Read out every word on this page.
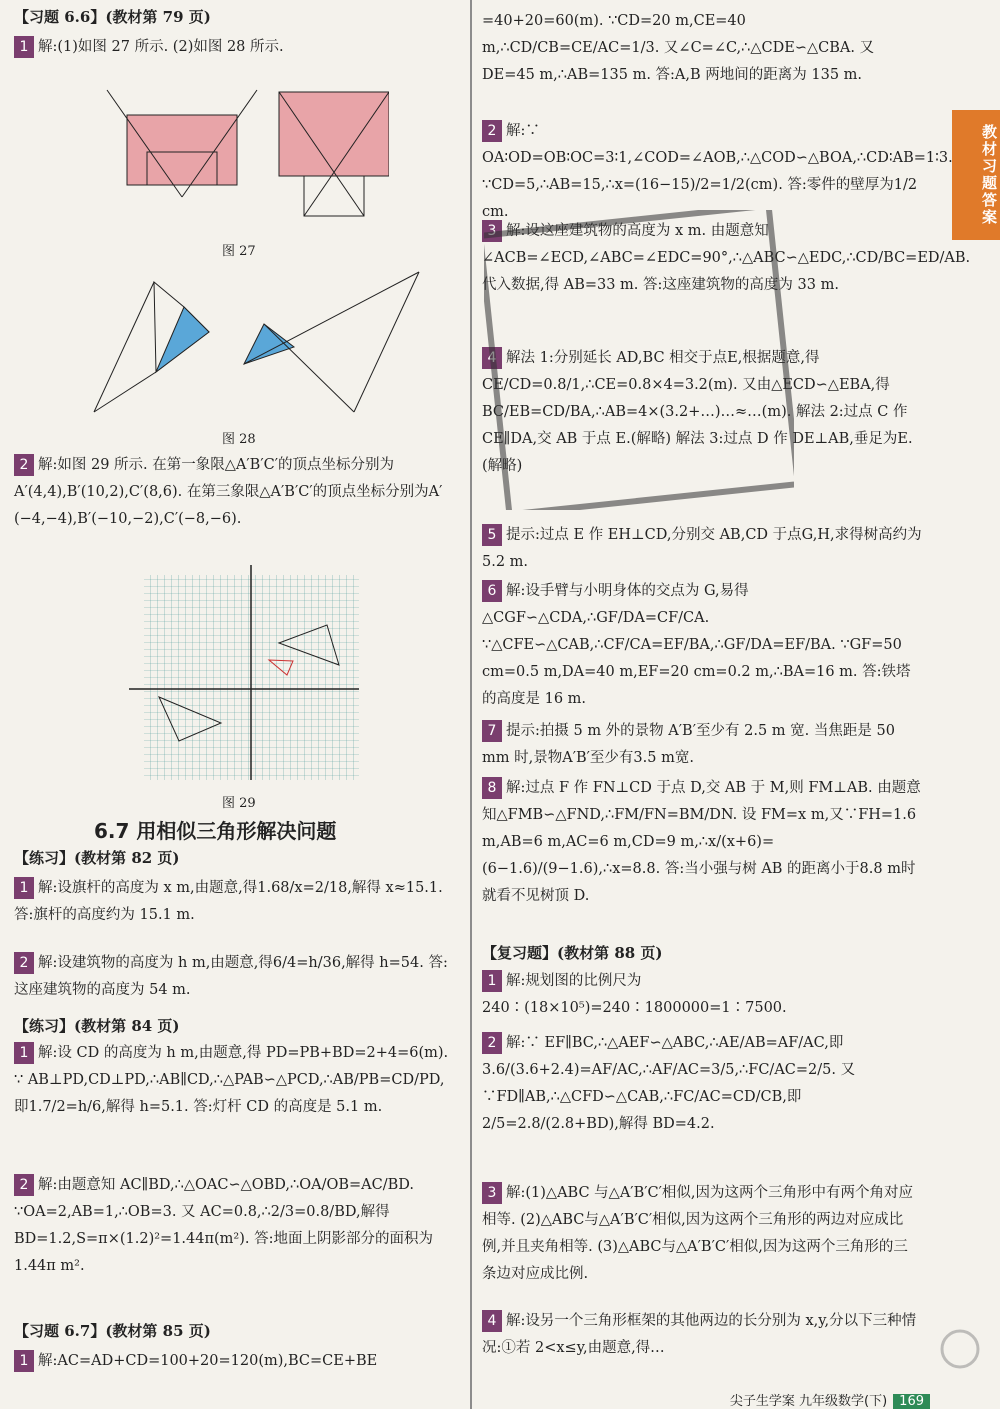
教材习题答案
【习题 6.6】(教材第 79 页)
1 解:(1)如图 27 所示. (2)如图 28 所示.
图 27
图 28
2 解:如图 29 所示. 在第一象限△A′B′C′的顶点坐标分别为A′(4,4),B′(10,2),C′(8,6). 在第三象限△A′B′C′的顶点坐标分别为A′(−4,−4),B′(−10,−2),C′(−8,−6).
图 29
6.7 用相似三角形解决问题
【练习】(教材第 82 页)
1 解:设旗杆的高度为 x m,由题意,得1.68/x=2/18,解得 x≈15.1. 答:旗杆的高度约为 15.1 m.
2 解:设建筑物的高度为 h m,由题意,得6/4=h/36,解得 h=54. 答:这座建筑物的高度为 54 m.
【练习】(教材第 84 页)
1 解:设 CD 的高度为 h m,由题意,得 PD=PB+BD=2+4=6(m). ∵ AB⊥PD,CD⊥PD,∴AB∥CD,∴△PAB∽△PCD,∴AB/PB=CD/PD,即1.7/2=h/6,解得 h=5.1. 答:灯杆 CD 的高度是 5.1 m.
2 解:由题意知 AC∥BD,∴△OAC∽△OBD,∴OA/OB=AC/BD. ∵OA=2,AB=1,∴OB=3. 又 AC=0.8,∴2/3=0.8/BD,解得 BD=1.2,S=π×(1.2)²=1.44π(m²). 答:地面上阴影部分的面积为 1.44π m².
【习题 6.7】(教材第 85 页)
1 解:AC=AD+CD=100+20=120(m),BC=CE+BE
=40+20=60(m). ∵CD=20 m,CE=40 m,∴CD/CB=CE/AC=1/3. 又∠C=∠C,∴△CDE∽△CBA. 又 DE=45 m,∴AB=135 m. 答:A,B 两地间的距离为 135 m.
2 解:∵ OA∶OD=OB∶OC=3∶1,∠COD=∠AOB,∴△COD∽△BOA,∴CD∶AB=1∶3. ∵CD=5,∴AB=15,∴x=(16−15)/2=1/2(cm). 答:零件的壁厚为1/2 cm.
3 解:设这座建筑物的高度为 x m. 由题意知∠ACB=∠ECD,∠ABC=∠EDC=90°,∴△ABC∽△EDC,∴CD/BC=ED/AB. 代入数据,得 AB=33 m. 答:这座建筑物的高度为 33 m.
4 解法 1:分别延长 AD,BC 相交于点E,根据题意,得CE/CD=0.8/1,∴CE=0.8×4=3.2(m). 又由△ECD∽△EBA,得BC/EB=CD/BA,∴AB=4×(3.2+…)…≈…(m). 解法 2:过点 C 作 CE∥DA,交 AB 于点 E.(解略) 解法 3:过点 D 作 DE⊥AB,垂足为E.(解略)
5 提示:过点 E 作 EH⊥CD,分别交 AB,CD 于点G,H,求得树高约为 5.2 m.
6 解:设手臂与小明身体的交点为 G,易得△CGF∽△CDA,∴GF/DA=CF/CA. ∵△CFE∽△CAB,∴CF/CA=EF/BA,∴GF/DA=EF/BA. ∵GF=50 cm=0.5 m,DA=40 m,EF=20 cm=0.2 m,∴BA=16 m. 答:铁塔的高度是 16 m.
7 提示:拍摄 5 m 外的景物 A′B′至少有 2.5 m 宽. 当焦距是 50 mm 时,景物A′B′至少有3.5 m宽.
8 解:过点 F 作 FN⊥CD 于点 D,交 AB 于 M,则 FM⊥AB. 由题意知△FMB∽△FND,∴FM/FN=BM/DN. 设 FM=x m,又∵FH=1.6 m,AB=6 m,AC=6 m,CD=9 m,∴x/(x+6)=(6−1.6)/(9−1.6),∴x=8.8. 答:当小强与树 AB 的距离小于8.8 m时就看不见树顶 D.
【复习题】(教材第 88 页)
1 解:规划图的比例尺为 240∶(18×10⁵)=240∶1800000=1∶7500.
2 解:∵ EF∥BC,∴△AEF∽△ABC,∴AE/AB=AF/AC,即3.6/(3.6+2.4)=AF/AC,∴AF/AC=3/5,∴FC/AC=2/5. 又∵FD∥AB,∴△CFD∽△CAB,∴FC/AC=CD/CB,即2/5=2.8/(2.8+BD),解得 BD=4.2.
3 解:(1)△ABC 与△A′B′C′相似,因为这两个三角形中有两个角对应相等. (2)△ABC与△A′B′C′相似,因为这两个三角形的两边对应成比例,并且夹角相等. (3)△ABC与△A′B′C′相似,因为这两个三角形的三条边对应成比例.
4 解:设另一个三角形框架的其他两边的长分别为 x,y,分以下三种情况:①若 2<x≤y,由题意,得…
尖子生学案 九年级数学(下) 169
